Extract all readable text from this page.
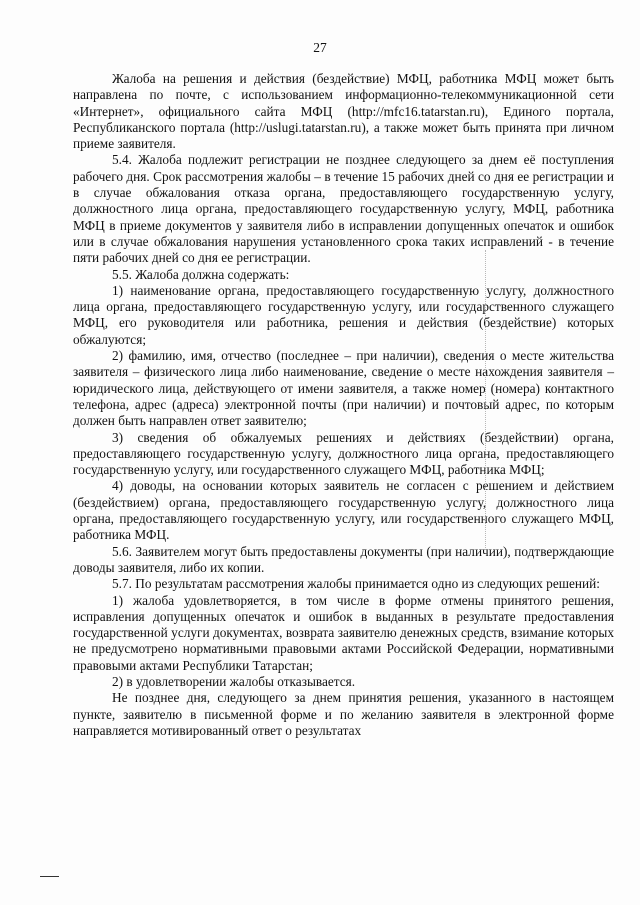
27

Жалоба на решения и действия (бездействие) МФЦ, работника МФЦ может быть направлена по почте, с использованием информационно-телекоммуникационной сети «Интернет», официального сайта МФЦ (http://mfc16.tatarstan.ru), Единого портала, Республиканского портала (http://uslugi.tatarstan.ru), а также может быть принята при личном приеме заявителя.

5.4. Жалоба подлежит регистрации не позднее следующего за днем её поступления рабочего дня. Срок рассмотрения жалобы – в течение 15 рабочих дней со дня ее регистрации и в случае обжалования отказа органа, предоставляющего государственную услугу, должностного лица органа, предоставляющего государственную услугу, МФЦ, работника МФЦ в приеме документов у заявителя либо в исправлении допущенных опечаток и ошибок или в случае обжалования нарушения установленного срока таких исправлений - в течение пяти рабочих дней со дня ее регистрации.

5.5. Жалоба должна содержать:

1) наименование органа, предоставляющего государственную услугу, должностного лица органа, предоставляющего государственную услугу, или государственного служащего МФЦ, его руководителя или работника, решения и действия (бездействие) которых обжалуются;

2) фамилию, имя, отчество (последнее – при наличии), сведения о месте жительства заявителя – физического лица либо наименование, сведение о месте нахождения заявителя – юридического лица, действующего от имени заявителя, а также номер (номера) контактного телефона, адрес (адреса) электронной почты (при наличии) и почтовый адрес, по которым должен быть направлен ответ заявителю;

3) сведения об обжалуемых решениях и действиях (бездействии) органа, предоставляющего государственную услугу, должностного лица органа, предоставляющего государственную услугу, или государственного служащего МФЦ, работника МФЦ;

4) доводы, на основании которых заявитель не согласен с решением и действием (бездействием) органа, предоставляющего государственную услугу, должностного лица органа, предоставляющего государственную услугу, или государственного служащего МФЦ, работника МФЦ.

5.6. Заявителем могут быть предоставлены документы (при наличии), подтверждающие доводы заявителя, либо их копии.

5.7. По результатам рассмотрения жалобы принимается одно из следующих решений:

1) жалоба удовлетворяется, в том числе в форме отмены принятого решения, исправления допущенных опечаток и ошибок в выданных в результате предоставления государственной услуги документах, возврата заявителю денежных средств, взимание которых не предусмотрено нормативными правовыми актами Российской Федерации, нормативными правовыми актами Республики Татарстан;

2) в удовлетворении жалобы отказывается.

Не позднее дня, следующего за днем принятия решения, указанного в настоящем пункте, заявителю в письменной форме и по желанию заявителя в электронной форме направляется мотивированный ответ о результатах
